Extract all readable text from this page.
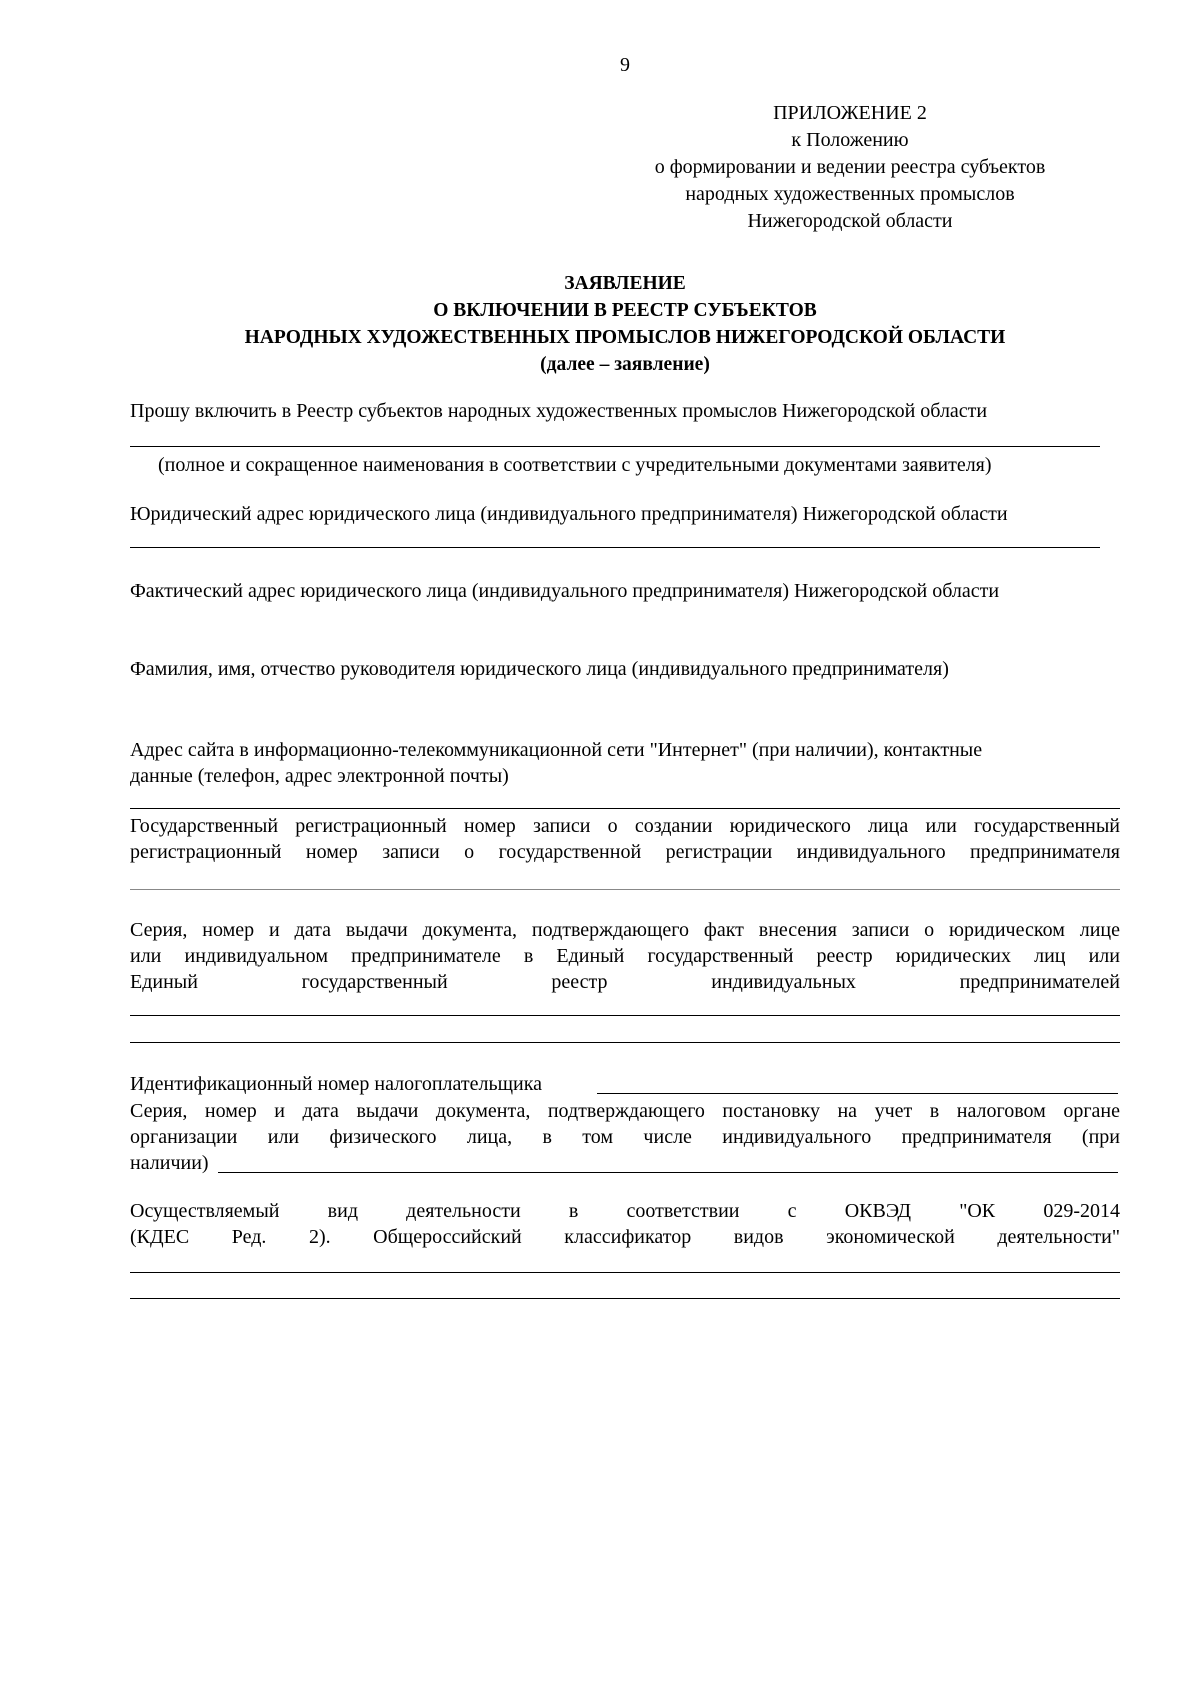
9
ПРИЛОЖЕНИЕ 2
к Положению
о формировании и ведении реестра субъектов
народных художественных промыслов
Нижегородской области
ЗАЯВЛЕНИЕ
О ВКЛЮЧЕНИИ В РЕЕСТР СУБЪЕКТОВ
НАРОДНЫХ ХУДОЖЕСТВЕННЫХ ПРОМЫСЛОВ НИЖЕГОРОДСКОЙ ОБЛАСТИ
(далее – заявление)
Прошу включить в Реестр субъектов народных художественных промыслов Нижегородской области
(полное и сокращенное наименования в соответствии с учредительными документами заявителя)
Юридический адрес юридического лица (индивидуального предпринимателя) Нижегородской области
Фактический адрес юридического лица (индивидуального предпринимателя) Нижегородской области
Фамилия, имя, отчество руководителя юридического лица (индивидуального предпринимателя)
Адрес сайта в информационно-телекоммуникационной сети "Интернет" (при наличии), контактные
данные (телефон, адрес электронной почты)
Государственный регистрационный номер записи о создании юридического лица или государственный
регистрационный номер записи о государственной регистрации индивидуального предпринимателя
Серия, номер и дата выдачи документа, подтверждающего факт внесения записи о юридическом лице
или индивидуальном предпринимателе в Единый государственный реестр юридических лиц или
Единый государственный реестр индивидуальных предпринимателей
Идентификационный номер налогоплательщика
Серия, номер и дата выдачи документа, подтверждающего постановку на учет в налоговом органе
организации или физического лица, в том числе индивидуального предпринимателя (при
наличии)
Осуществляемый вид деятельности в соответствии с ОКВЭД "ОК 029-2014
(КДЕС Ред. 2). Общероссийский классификатор видов экономической деятельности"
